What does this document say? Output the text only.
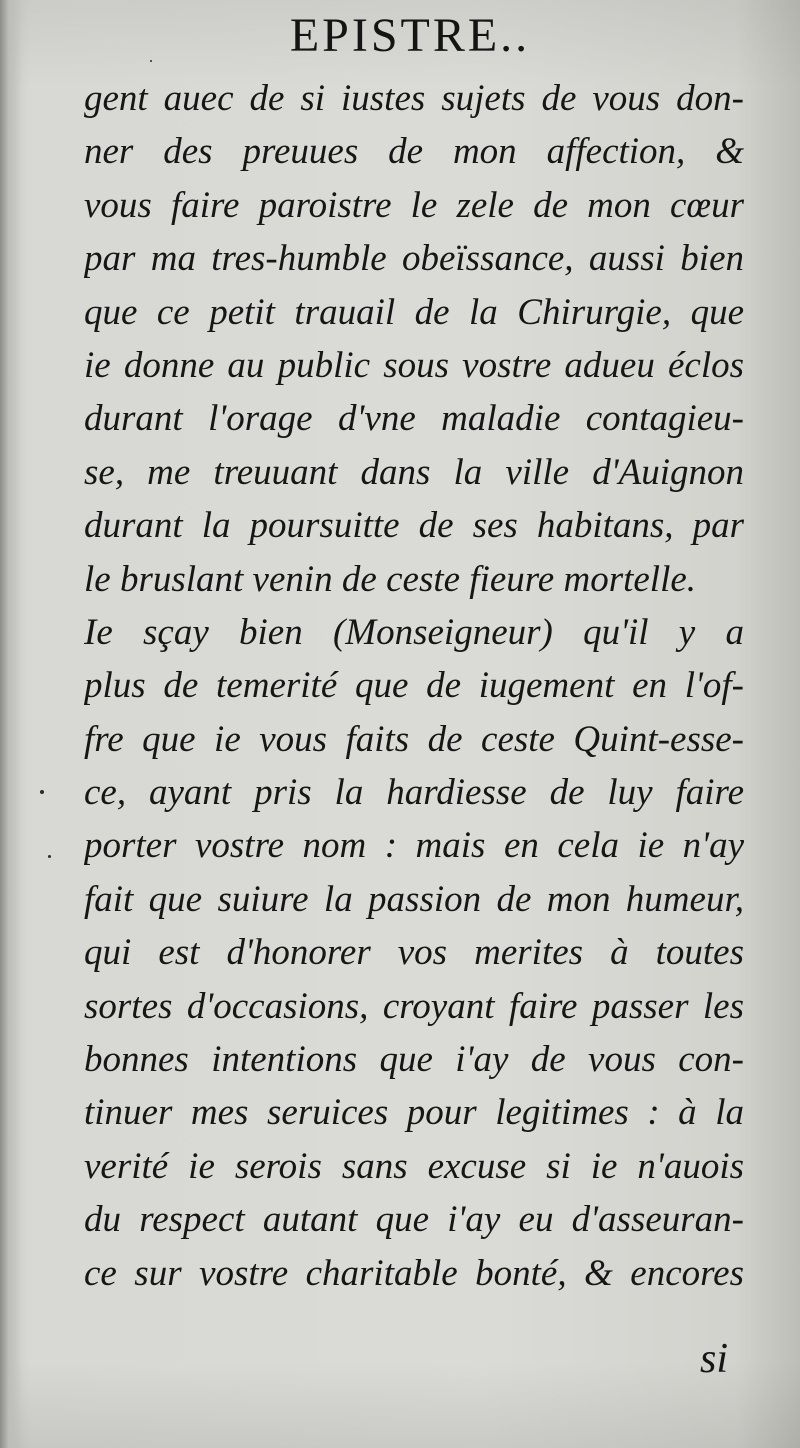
EPISTRE..
gent auec de si iustes sujets de vous don-
ner des preuues de mon affection, &
vous faire paroistre le zele de mon cœur
par ma tres-humble obeïssance, aussi bien
que ce petit trauail de la Chirurgie, que
ie donne au public sous vostre adueu éclos
durant l'orage d'vne maladie contagieu-
se, me treuuant dans la ville d'Auignon
durant la poursuitte de ses habitans, par
le bruslant venin de ceste fieure mortelle.
Ie sçay bien (Monseigneur) qu'il y a
plus de temerité que de iugement en l'of-
fre que ie vous faits de ceste Quint-esse-
ce, ayant pris la hardiesse de luy faire
porter vostre nom : mais en cela ie n'ay
fait que suiure la passion de mon humeur,
qui est d'honorer vos merites à toutes
sortes d'occasions, croyant faire passer les
bonnes intentions que i'ay de vous con-
tinuer mes seruices pour legitimes : à la
verité ie serois sans excuse si ie n'auois
du respect autant que i'ay eu d'asseuran-
ce sur vostre charitable bonté, & encores
si
